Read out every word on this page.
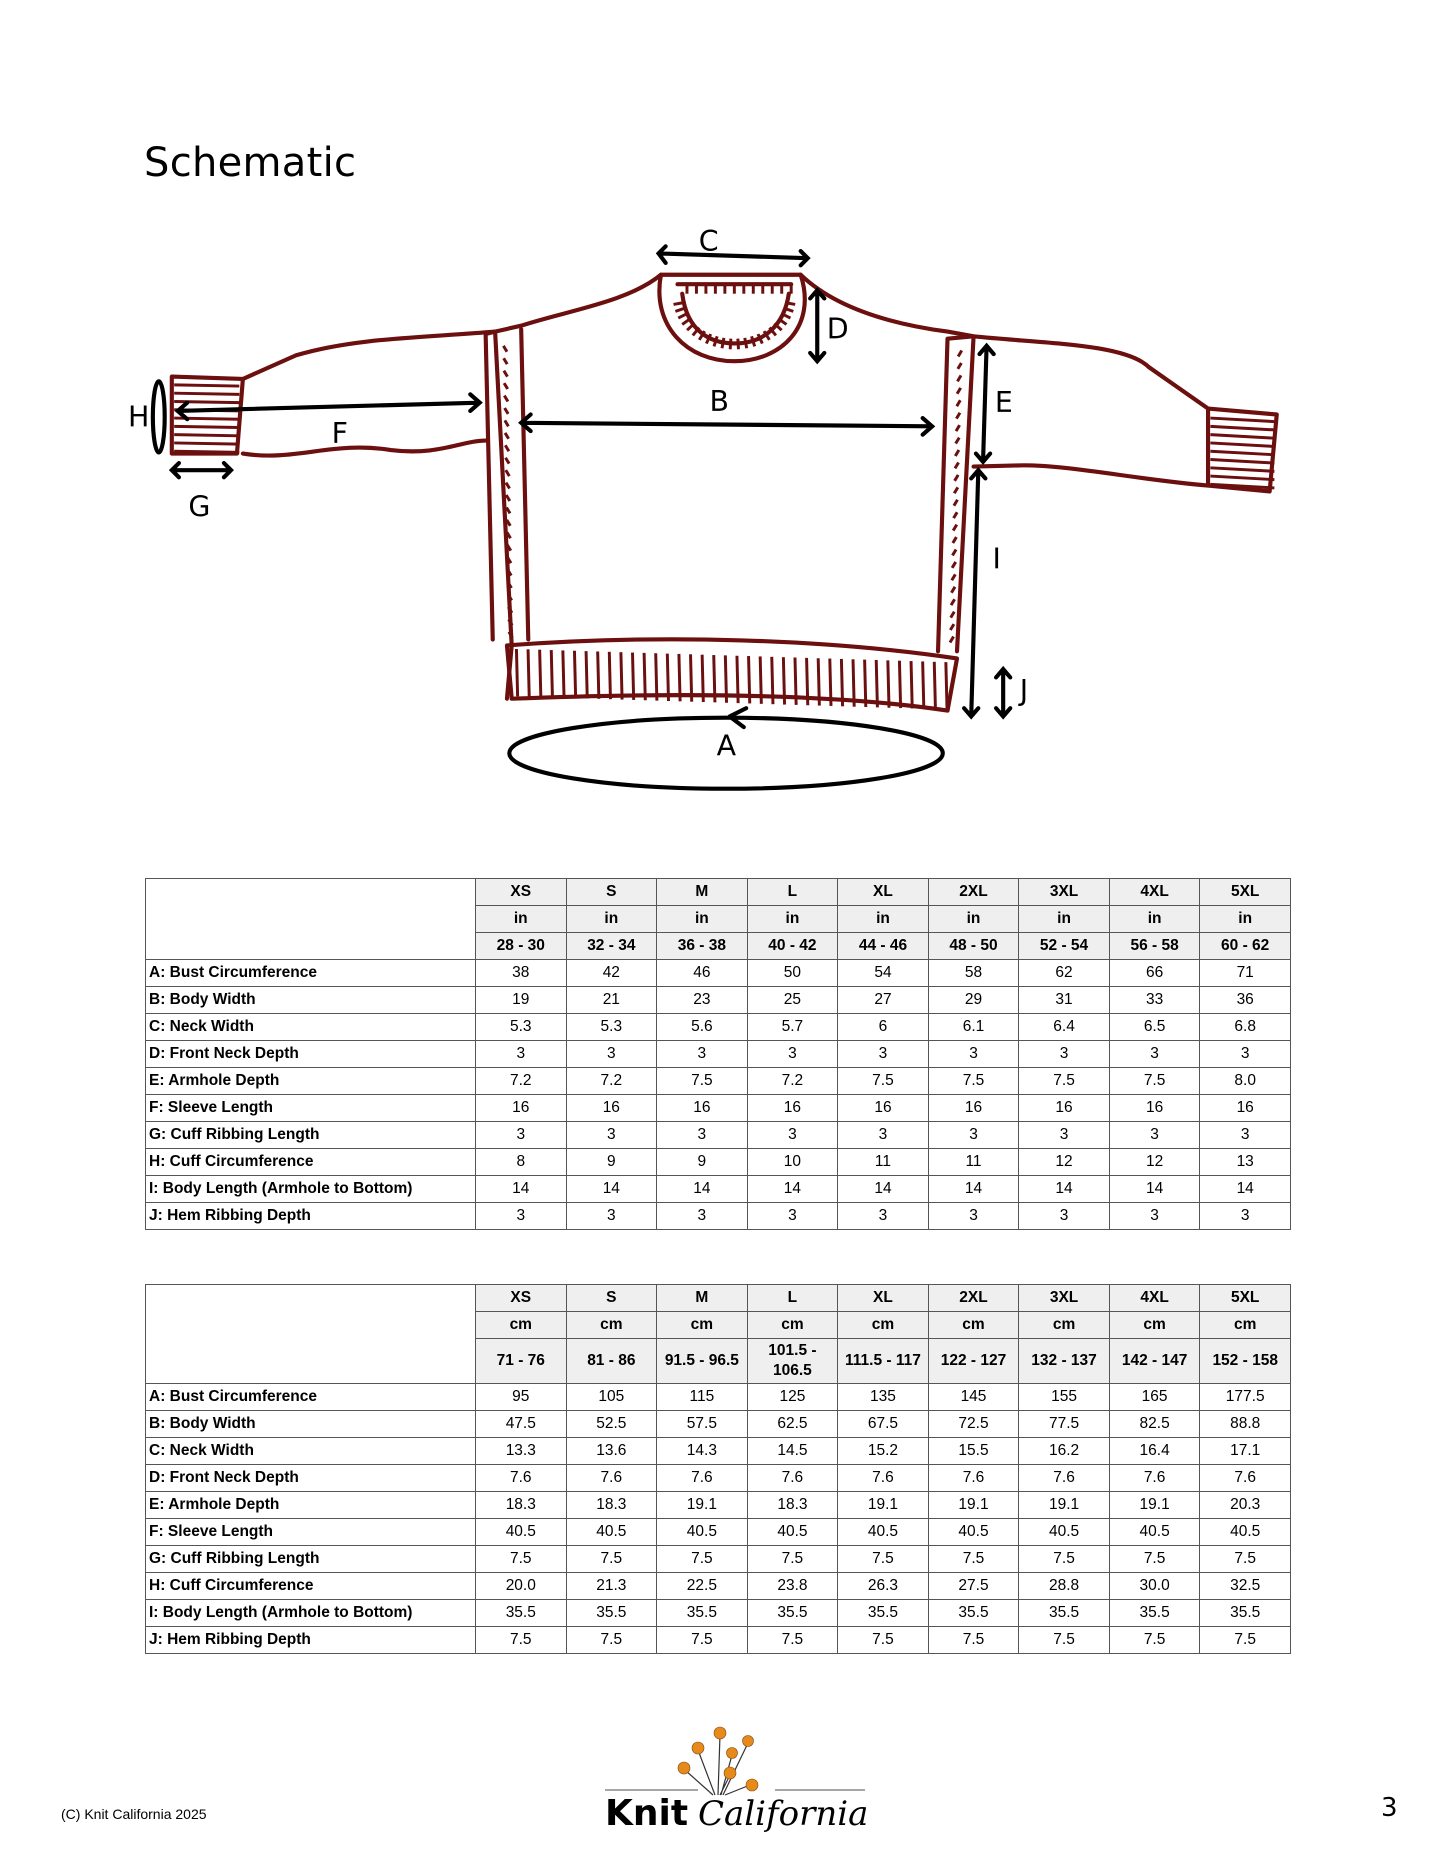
Schematic
C
B
D
E
F
G
H
I
J
A
	XS	S	M	L	XL	2XL	3XL	4XL	5XL
	in	in	in	in	in	in	in	in	in
	28 - 30	32 - 34	36 - 38	40 - 42	44 - 46	48 - 50	52 - 54	56 - 58	60 - 62
A: Bust Circumference	38	42	46	50	54	58	62	66	71
B: Body Width	19	21	23	25	27	29	31	33	36
C: Neck Width	5.3	5.3	5.6	5.7	6	6.1	6.4	6.5	6.8
D: Front Neck Depth	3	3	3	3	3	3	3	3	3
E: Armhole Depth	7.2	7.2	7.5	7.2	7.5	7.5	7.5	7.5	8.0
F: Sleeve Length	16	16	16	16	16	16	16	16	16
G: Cuff Ribbing Length	3	3	3	3	3	3	3	3	3
H: Cuff Circumference	8	9	9	10	11	11	12	12	13
I: Body Length (Armhole to Bottom)	14	14	14	14	14	14	14	14	14
J: Hem Ribbing Depth	3	3	3	3	3	3	3	3	3
	XS	S	M	L	XL	2XL	3XL	4XL	5XL
	cm	cm	cm	cm	cm	cm	cm	cm	cm
	71 - 76	81 - 86	91.5 - 96.5	101.5 - 106.5	111.5 - 117	122 - 127	132 - 137	142 - 147	152 - 158
A: Bust Circumference	95	105	115	125	135	145	155	165	177.5
B: Body Width	47.5	52.5	57.5	62.5	67.5	72.5	77.5	82.5	88.8
C: Neck Width	13.3	13.6	14.3	14.5	15.2	15.5	16.2	16.4	17.1
D: Front Neck Depth	7.6	7.6	7.6	7.6	7.6	7.6	7.6	7.6	7.6
E: Armhole Depth	18.3	18.3	19.1	18.3	19.1	19.1	19.1	19.1	20.3
F: Sleeve Length	40.5	40.5	40.5	40.5	40.5	40.5	40.5	40.5	40.5
G: Cuff Ribbing Length	7.5	7.5	7.5	7.5	7.5	7.5	7.5	7.5	7.5
H: Cuff Circumference	20.0	21.3	22.5	23.8	26.3	27.5	28.8	30.0	32.5
I: Body Length (Armhole to Bottom)	35.5	35.5	35.5	35.5	35.5	35.5	35.5	35.5	35.5
J: Hem Ribbing Depth	7.5	7.5	7.5	7.5	7.5	7.5	7.5	7.5	7.5
Knit California
(C) Knit California 2025	3
